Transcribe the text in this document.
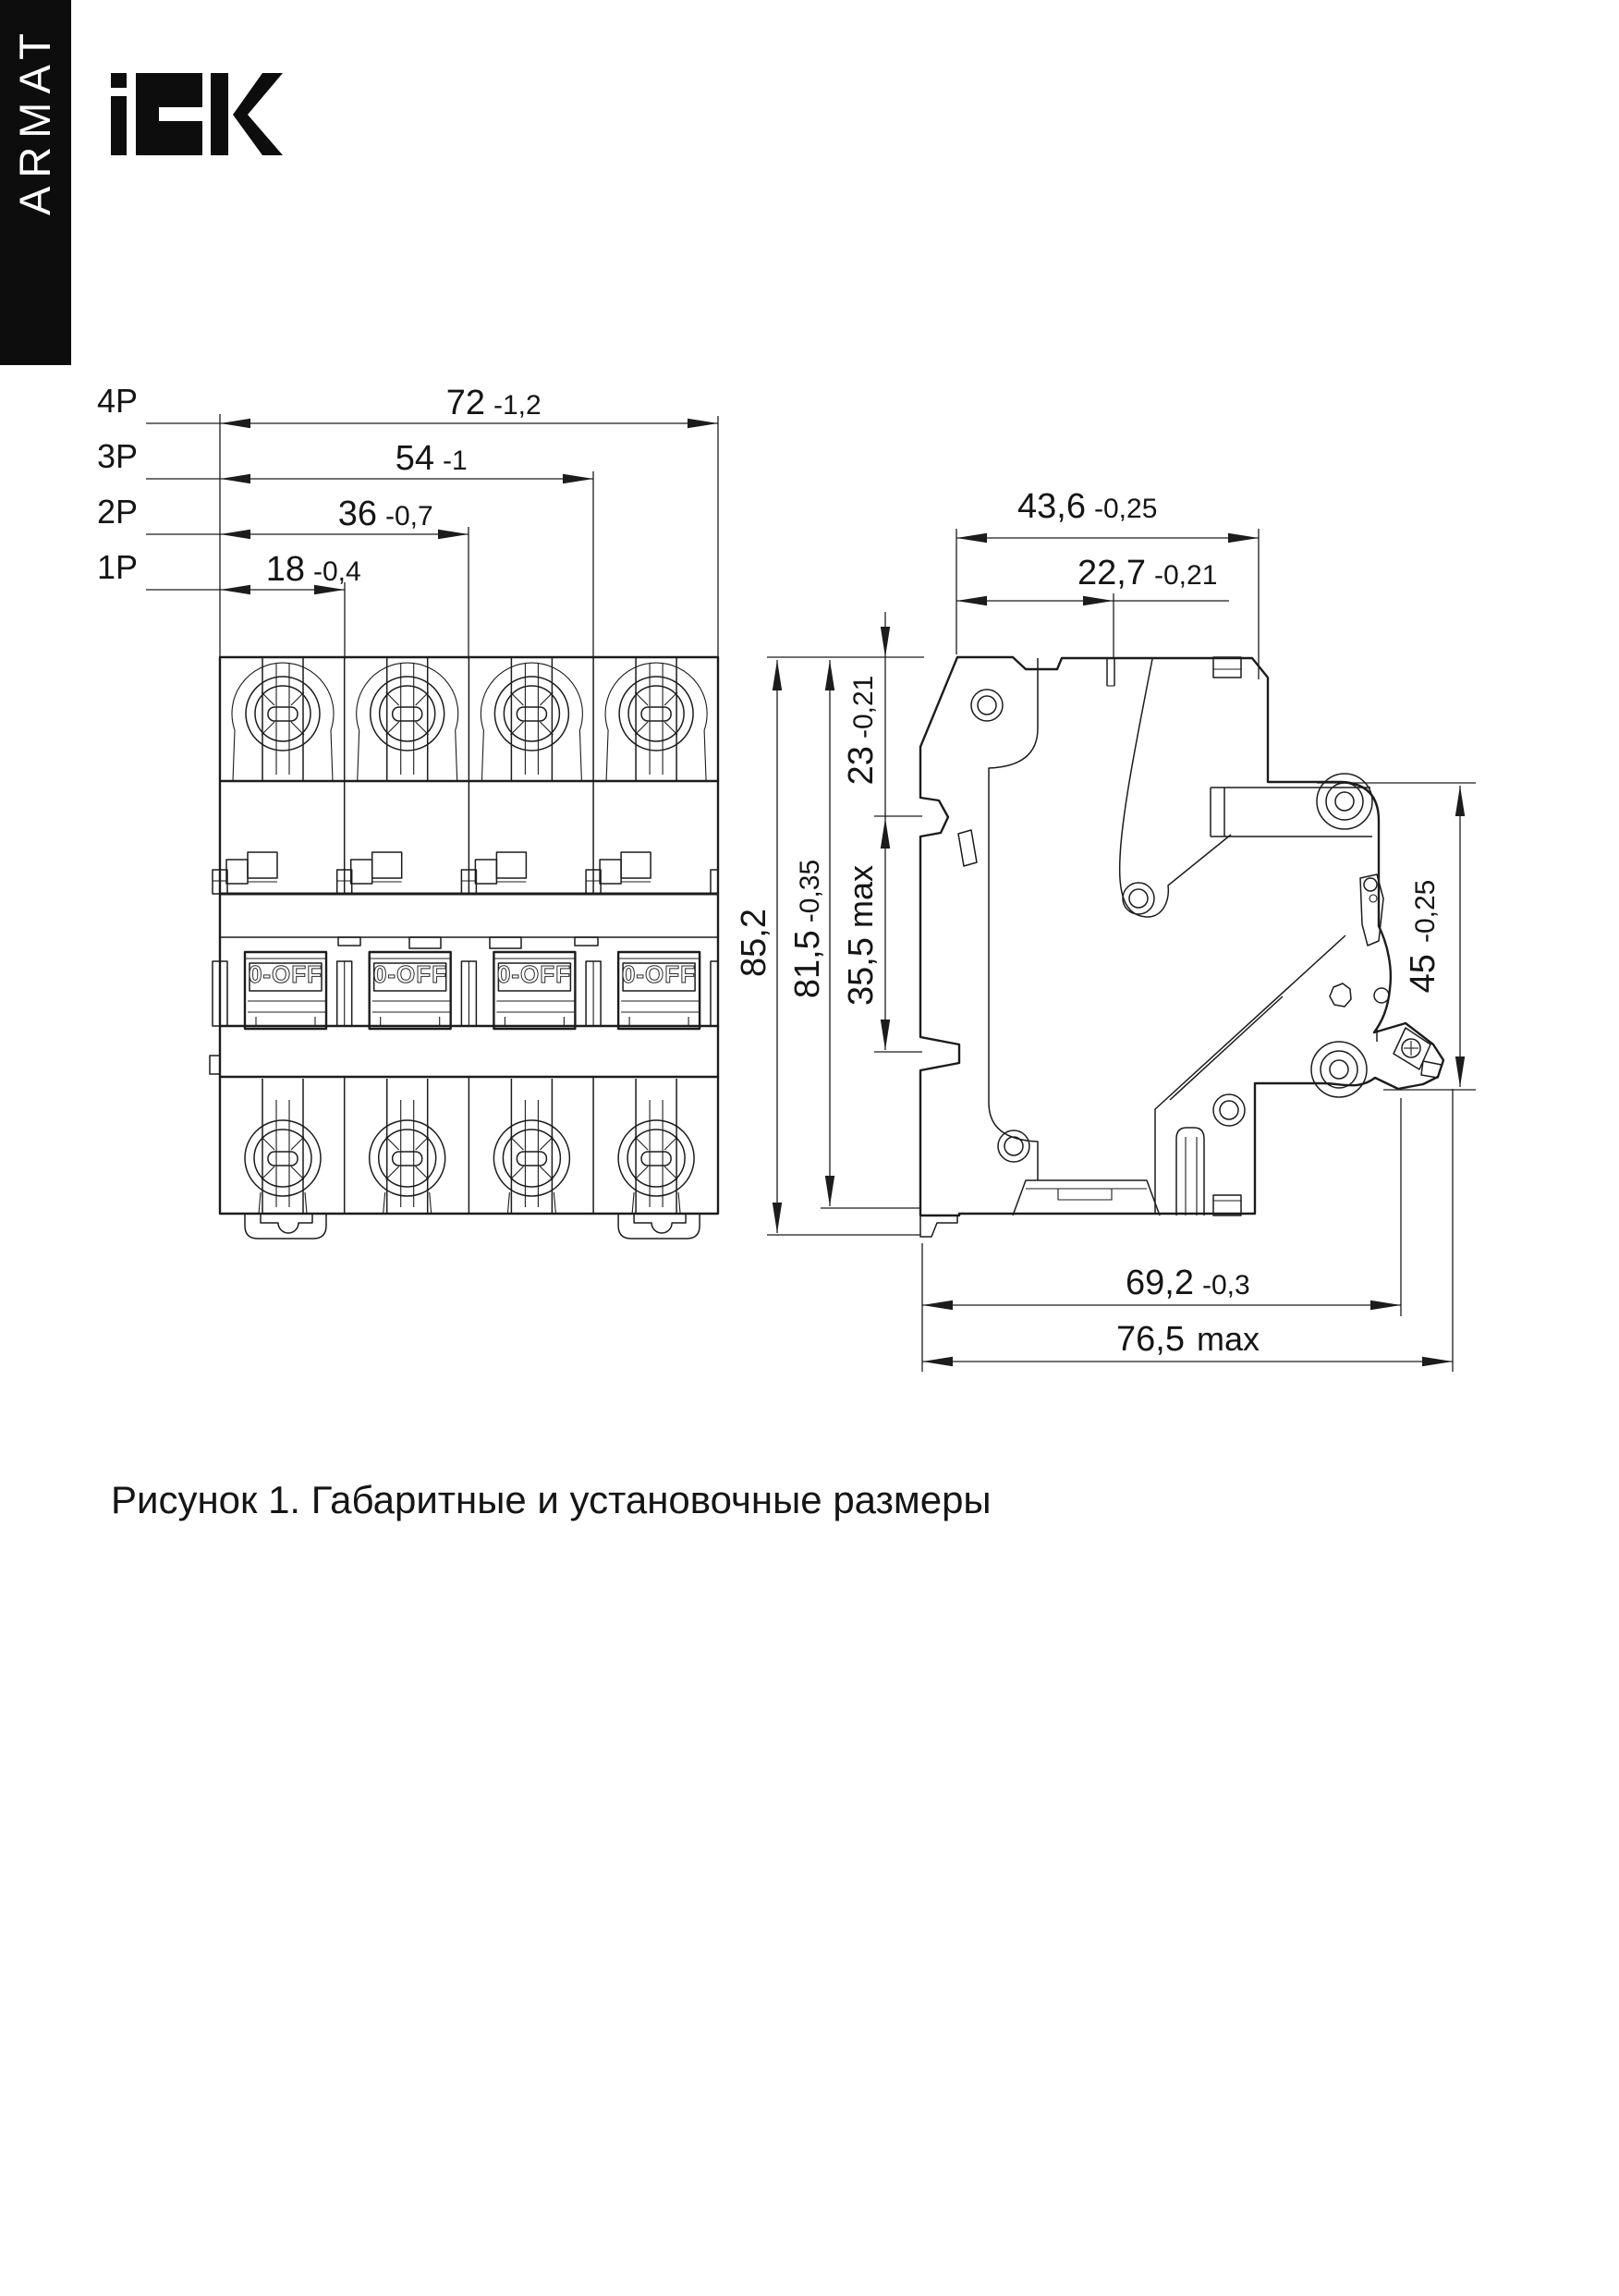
ARMAT
0-OFF 0-OFF 0-OFF 0-OFF
4P	72 -1,2
3P	54 -1
2P	36 -0,7
1P	18 -0,4
43,6 -0,25
22,7 -0,21
85,2 81,5-0,35
23-0,21
35,5max
45-0,25
69,2 -0,3
76,5 max
Рисунок 1. Габаритные и установочные размеры
